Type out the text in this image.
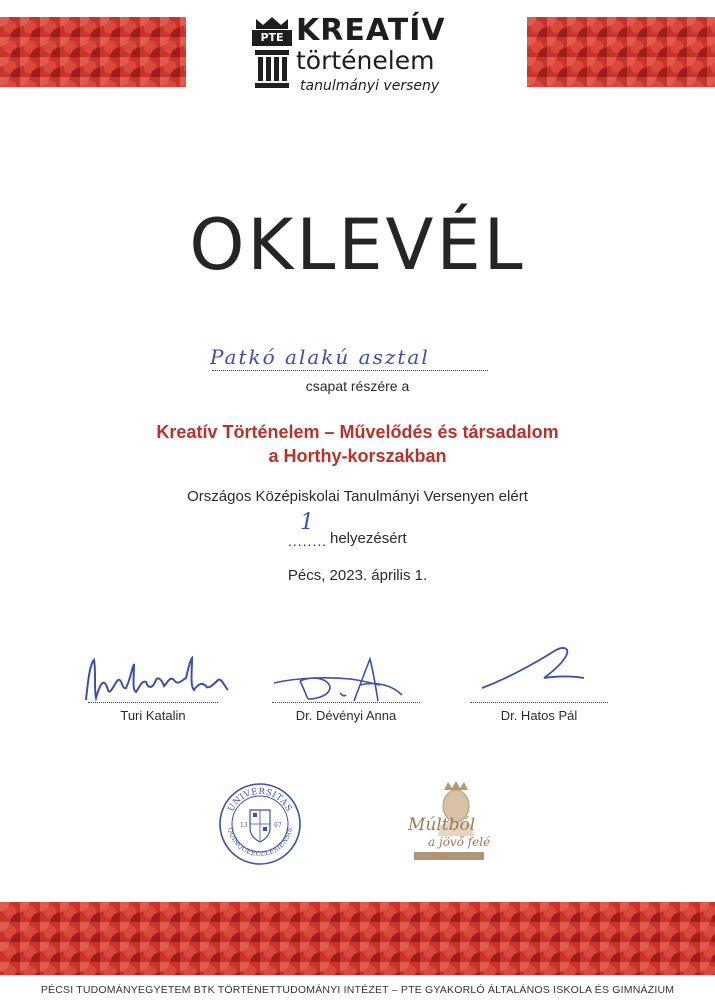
PTE KREATÍV
történelem
tanulmányi verseny
OKLEVÉL
Patkó alakú asztal
csapat részére a
Kreatív Történelem – Művelődés és társadalom
a Horthy-korszakban
Országos Középiskolai Tanulmányi Versenyen elért
........
1
helyezésért
Pécs, 2023. április 1.
Turi Katalin	Dr. Dévényi Anna	Dr. Hatos Pál
UNIVERSITAS
QUINQUEECCLESIENSIS
13	67	Múltból
a jövő felé
PÉCSI TUDOMÁNYEGYETEM BTK TÖRTÉNETTUDOMÁNYI INTÉZET – PTE GYAKORLÓ ÁLTALÁNOS ISKOLA ÉS GIMNÁZIUM
